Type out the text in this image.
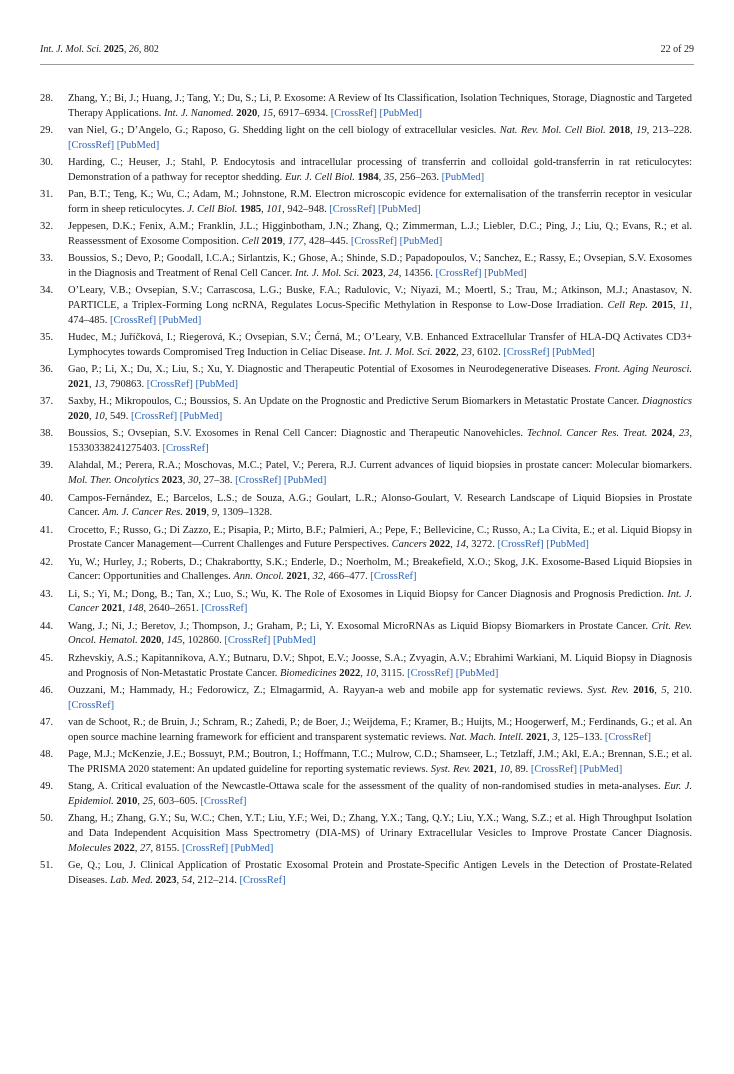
Int. J. Mol. Sci. 2025, 26, 802	22 of 29
28. Zhang, Y.; Bi, J.; Huang, J.; Tang, Y.; Du, S.; Li, P. Exosome: A Review of Its Classification, Isolation Techniques, Storage, Diagnostic and Targeted Therapy Applications. Int. J. Nanomed. 2020, 15, 6917–6934. [CrossRef] [PubMed]
29. van Niel, G.; D’Angelo, G.; Raposo, G. Shedding light on the cell biology of extracellular vesicles. Nat. Rev. Mol. Cell Biol. 2018, 19, 213–228. [CrossRef] [PubMed]
30. Harding, C.; Heuser, J.; Stahl, P. Endocytosis and intracellular processing of transferrin and colloidal gold-transferrin in rat reticulocytes: Demonstration of a pathway for receptor shedding. Eur. J. Cell Biol. 1984, 35, 256–263. [PubMed]
31. Pan, B.T.; Teng, K.; Wu, C.; Adam, M.; Johnstone, R.M. Electron microscopic evidence for externalisation of the transferrin receptor in vesicular form in sheep reticulocytes. J. Cell Biol. 1985, 101, 942–948. [CrossRef] [PubMed]
32. Jeppesen, D.K.; Fenix, A.M.; Franklin, J.L.; Higginbotham, J.N.; Zhang, Q.; Zimmerman, L.J.; Liebler, D.C.; Ping, J.; Liu, Q.; Evans, R.; et al. Reassessment of Exosome Composition. Cell 2019, 177, 428–445. [CrossRef] [PubMed]
33. Boussios, S.; Devo, P.; Goodall, I.C.A.; Sirlantzis, K.; Ghose, A.; Shinde, S.D.; Papadopoulos, V.; Sanchez, E.; Rassy, E.; Ovsepian, S.V. Exosomes in the Diagnosis and Treatment of Renal Cell Cancer. Int. J. Mol. Sci. 2023, 24, 14356. [CrossRef] [PubMed]
34. O’Leary, V.B.; Ovsepian, S.V.; Carrascosa, L.G.; Buske, F.A.; Radulovic, V.; Niyazi, M.; Moertl, S.; Trau, M.; Atkinson, M.J.; Anastasov, N. PARTICLE, a Triplex-Forming Long ncRNA, Regulates Locus-Specific Methylation in Response to Low-Dose Irradiation. Cell Rep. 2015, 11, 474–485. [CrossRef] [PubMed]
35. Hudec, M.; Juříčková, I.; Riegerová, K.; Ovsepian, S.V.; Černá, M.; O’Leary, V.B. Enhanced Extracellular Transfer of HLA-DQ Activates CD3+ Lymphocytes towards Compromised Treg Induction in Celiac Disease. Int. J. Mol. Sci. 2022, 23, 6102. [CrossRef] [PubMed]
36. Gao, P.; Li, X.; Du, X.; Liu, S.; Xu, Y. Diagnostic and Therapeutic Potential of Exosomes in Neurodegenerative Diseases. Front. Aging Neurosci. 2021, 13, 790863. [CrossRef] [PubMed]
37. Saxby, H.; Mikropoulos, C.; Boussios, S. An Update on the Prognostic and Predictive Serum Biomarkers in Metastatic Prostate Cancer. Diagnostics 2020, 10, 549. [CrossRef] [PubMed]
38. Boussios, S.; Ovsepian, S.V. Exosomes in Renal Cell Cancer: Diagnostic and Therapeutic Nanovehicles. Technol. Cancer Res. Treat. 2024, 23, 15330338241275403. [CrossRef]
39. Alahdal, M.; Perera, R.A.; Moschovas, M.C.; Patel, V.; Perera, R.J. Current advances of liquid biopsies in prostate cancer: Molecular biomarkers. Mol. Ther. Oncolytics 2023, 30, 27–38. [CrossRef] [PubMed]
40. Campos-Fernández, E.; Barcelos, L.S.; de Souza, A.G.; Goulart, L.R.; Alonso-Goulart, V. Research Landscape of Liquid Biopsies in Prostate Cancer. Am. J. Cancer Res. 2019, 9, 1309–1328.
41. Crocetto, F.; Russo, G.; Di Zazzo, E.; Pisapia, P.; Mirto, B.F.; Palmieri, A.; Pepe, F.; Bellevicine, C.; Russo, A.; La Civita, E.; et al. Liquid Biopsy in Prostate Cancer Management—Current Challenges and Future Perspectives. Cancers 2022, 14, 3272. [CrossRef] [PubMed]
42. Yu, W.; Hurley, J.; Roberts, D.; Chakrabortty, S.K.; Enderle, D.; Noerholm, M.; Breakefield, X.O.; Skog, J.K. Exosome-Based Liquid Biopsies in Cancer: Opportunities and Challenges. Ann. Oncol. 2021, 32, 466–477. [CrossRef]
43. Li, S.; Yi, M.; Dong, B.; Tan, X.; Luo, S.; Wu, K. The Role of Exosomes in Liquid Biopsy for Cancer Diagnosis and Prognosis Prediction. Int. J. Cancer 2021, 148, 2640–2651. [CrossRef]
44. Wang, J.; Ni, J.; Beretov, J.; Thompson, J.; Graham, P.; Li, Y. Exosomal MicroRNAs as Liquid Biopsy Biomarkers in Prostate Cancer. Crit. Rev. Oncol. Hematol. 2020, 145, 102860. [CrossRef] [PubMed]
45. Rzhevskiy, A.S.; Kapitannikova, A.Y.; Butnaru, D.V.; Shpot, E.V.; Joosse, S.A.; Zvyagin, A.V.; Ebrahimi Warkiani, M. Liquid Biopsy in Diagnosis and Prognosis of Non-Metastatic Prostate Cancer. Biomedicines 2022, 10, 3115. [CrossRef] [PubMed]
46. Ouzzani, M.; Hammady, H.; Fedorowicz, Z.; Elmagarmid, A. Rayyan-a web and mobile app for systematic reviews. Syst. Rev. 2016, 5, 210. [CrossRef]
47. van de Schoot, R.; de Bruin, J.; Schram, R.; Zahedi, P.; de Boer, J.; Weijdema, F.; Kramer, B.; Huijts, M.; Hoogerwerf, M.; Ferdinands, G.; et al. An open source machine learning framework for efficient and transparent systematic reviews. Nat. Mach. Intell. 2021, 3, 125–133. [CrossRef]
48. Page, M.J.; McKenzie, J.E.; Bossuyt, P.M.; Boutron, I.; Hoffmann, T.C.; Mulrow, C.D.; Shamseer, L.; Tetzlaff, J.M.; Akl, E.A.; Brennan, S.E.; et al. The PRISMA 2020 statement: An updated guideline for reporting systematic reviews. Syst. Rev. 2021, 10, 89. [CrossRef] [PubMed]
49. Stang, A. Critical evaluation of the Newcastle-Ottawa scale for the assessment of the quality of non-randomised studies in meta-analyses. Eur. J. Epidemiol. 2010, 25, 603–605. [CrossRef]
50. Zhang, H.; Zhang, G.Y.; Su, W.C.; Chen, Y.T.; Liu, Y.F.; Wei, D.; Zhang, Y.X.; Tang, Q.Y.; Liu, Y.X.; Wang, S.Z.; et al. High Throughput Isolation and Data Independent Acquisition Mass Spectrometry (DIA-MS) of Urinary Extracellular Vesicles to Improve Prostate Cancer Diagnosis. Molecules 2022, 27, 8155. [CrossRef] [PubMed]
51. Ge, Q.; Lou, J. Clinical Application of Prostatic Exosomal Protein and Prostate-Specific Antigen Levels in the Detection of Prostate-Related Diseases. Lab. Med. 2023, 54, 212–214. [CrossRef]
